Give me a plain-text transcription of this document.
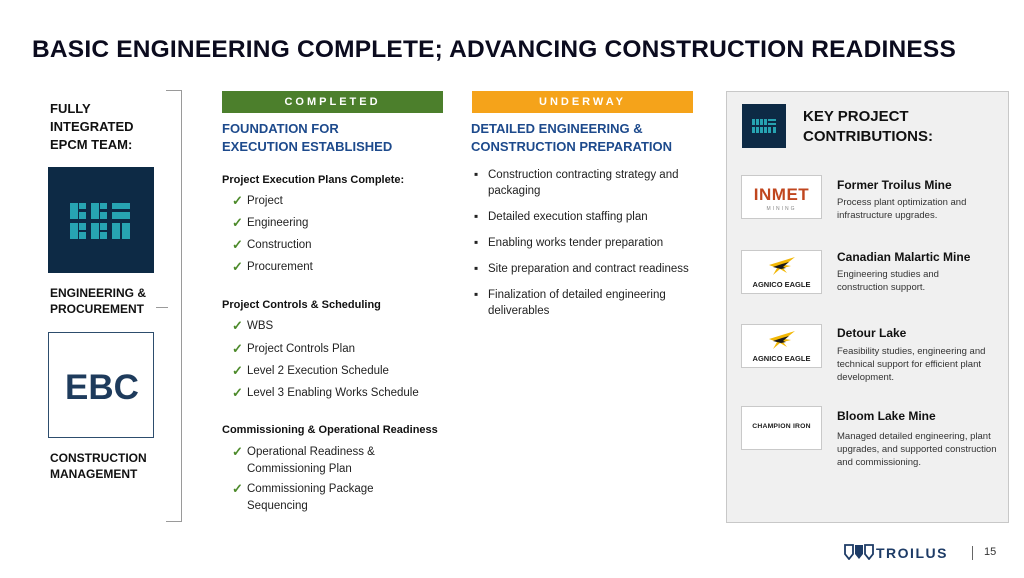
BASIC ENGINEERING COMPLETE; ADVANCING CONSTRUCTION READINESS
FULLY
INTEGRATED
EPCM TEAM:
ENGINEERING &
PROCUREMENT
EBC
CONSTRUCTION
MANAGEMENT
COMPLETED
FOUNDATION FOR
EXECUTION ESTABLISHED
Project Execution Plans Complete:
✓ Project
✓ Engineering
✓ Construction
✓ Procurement
Project Controls & Scheduling
✓ WBS
✓ Project Controls Plan
✓ Level 2 Execution Schedule
✓ Level 3 Enabling Works Schedule
Commissioning & Operational Readiness
✓ Operational Readiness & Commissioning Plan
✓ Commissioning Package Sequencing
UNDERWAY
DETAILED ENGINEERING &
CONSTRUCTION PREPARATION
▪ Construction contracting strategy and packaging
▪ Detailed execution staffing plan
▪ Enabling works tender preparation
▪ Site preparation and contract readiness
▪ Finalization of detailed engineering deliverables
KEY PROJECT
CONTRIBUTIONS:
INMET
MINING
Former Troilus Mine
Process plant optimization and infrastructure upgrades.
AGNICO EAGLE
Canadian Malartic Mine
Engineering studies and construction support.
AGNICO EAGLE
Detour Lake
Feasibility studies, engineering and technical support for efficient plant development.
CHAMPION IRON
Bloom Lake Mine
Managed detailed engineering, plant upgrades, and supported construction and commissioning.
TROILUS	15
